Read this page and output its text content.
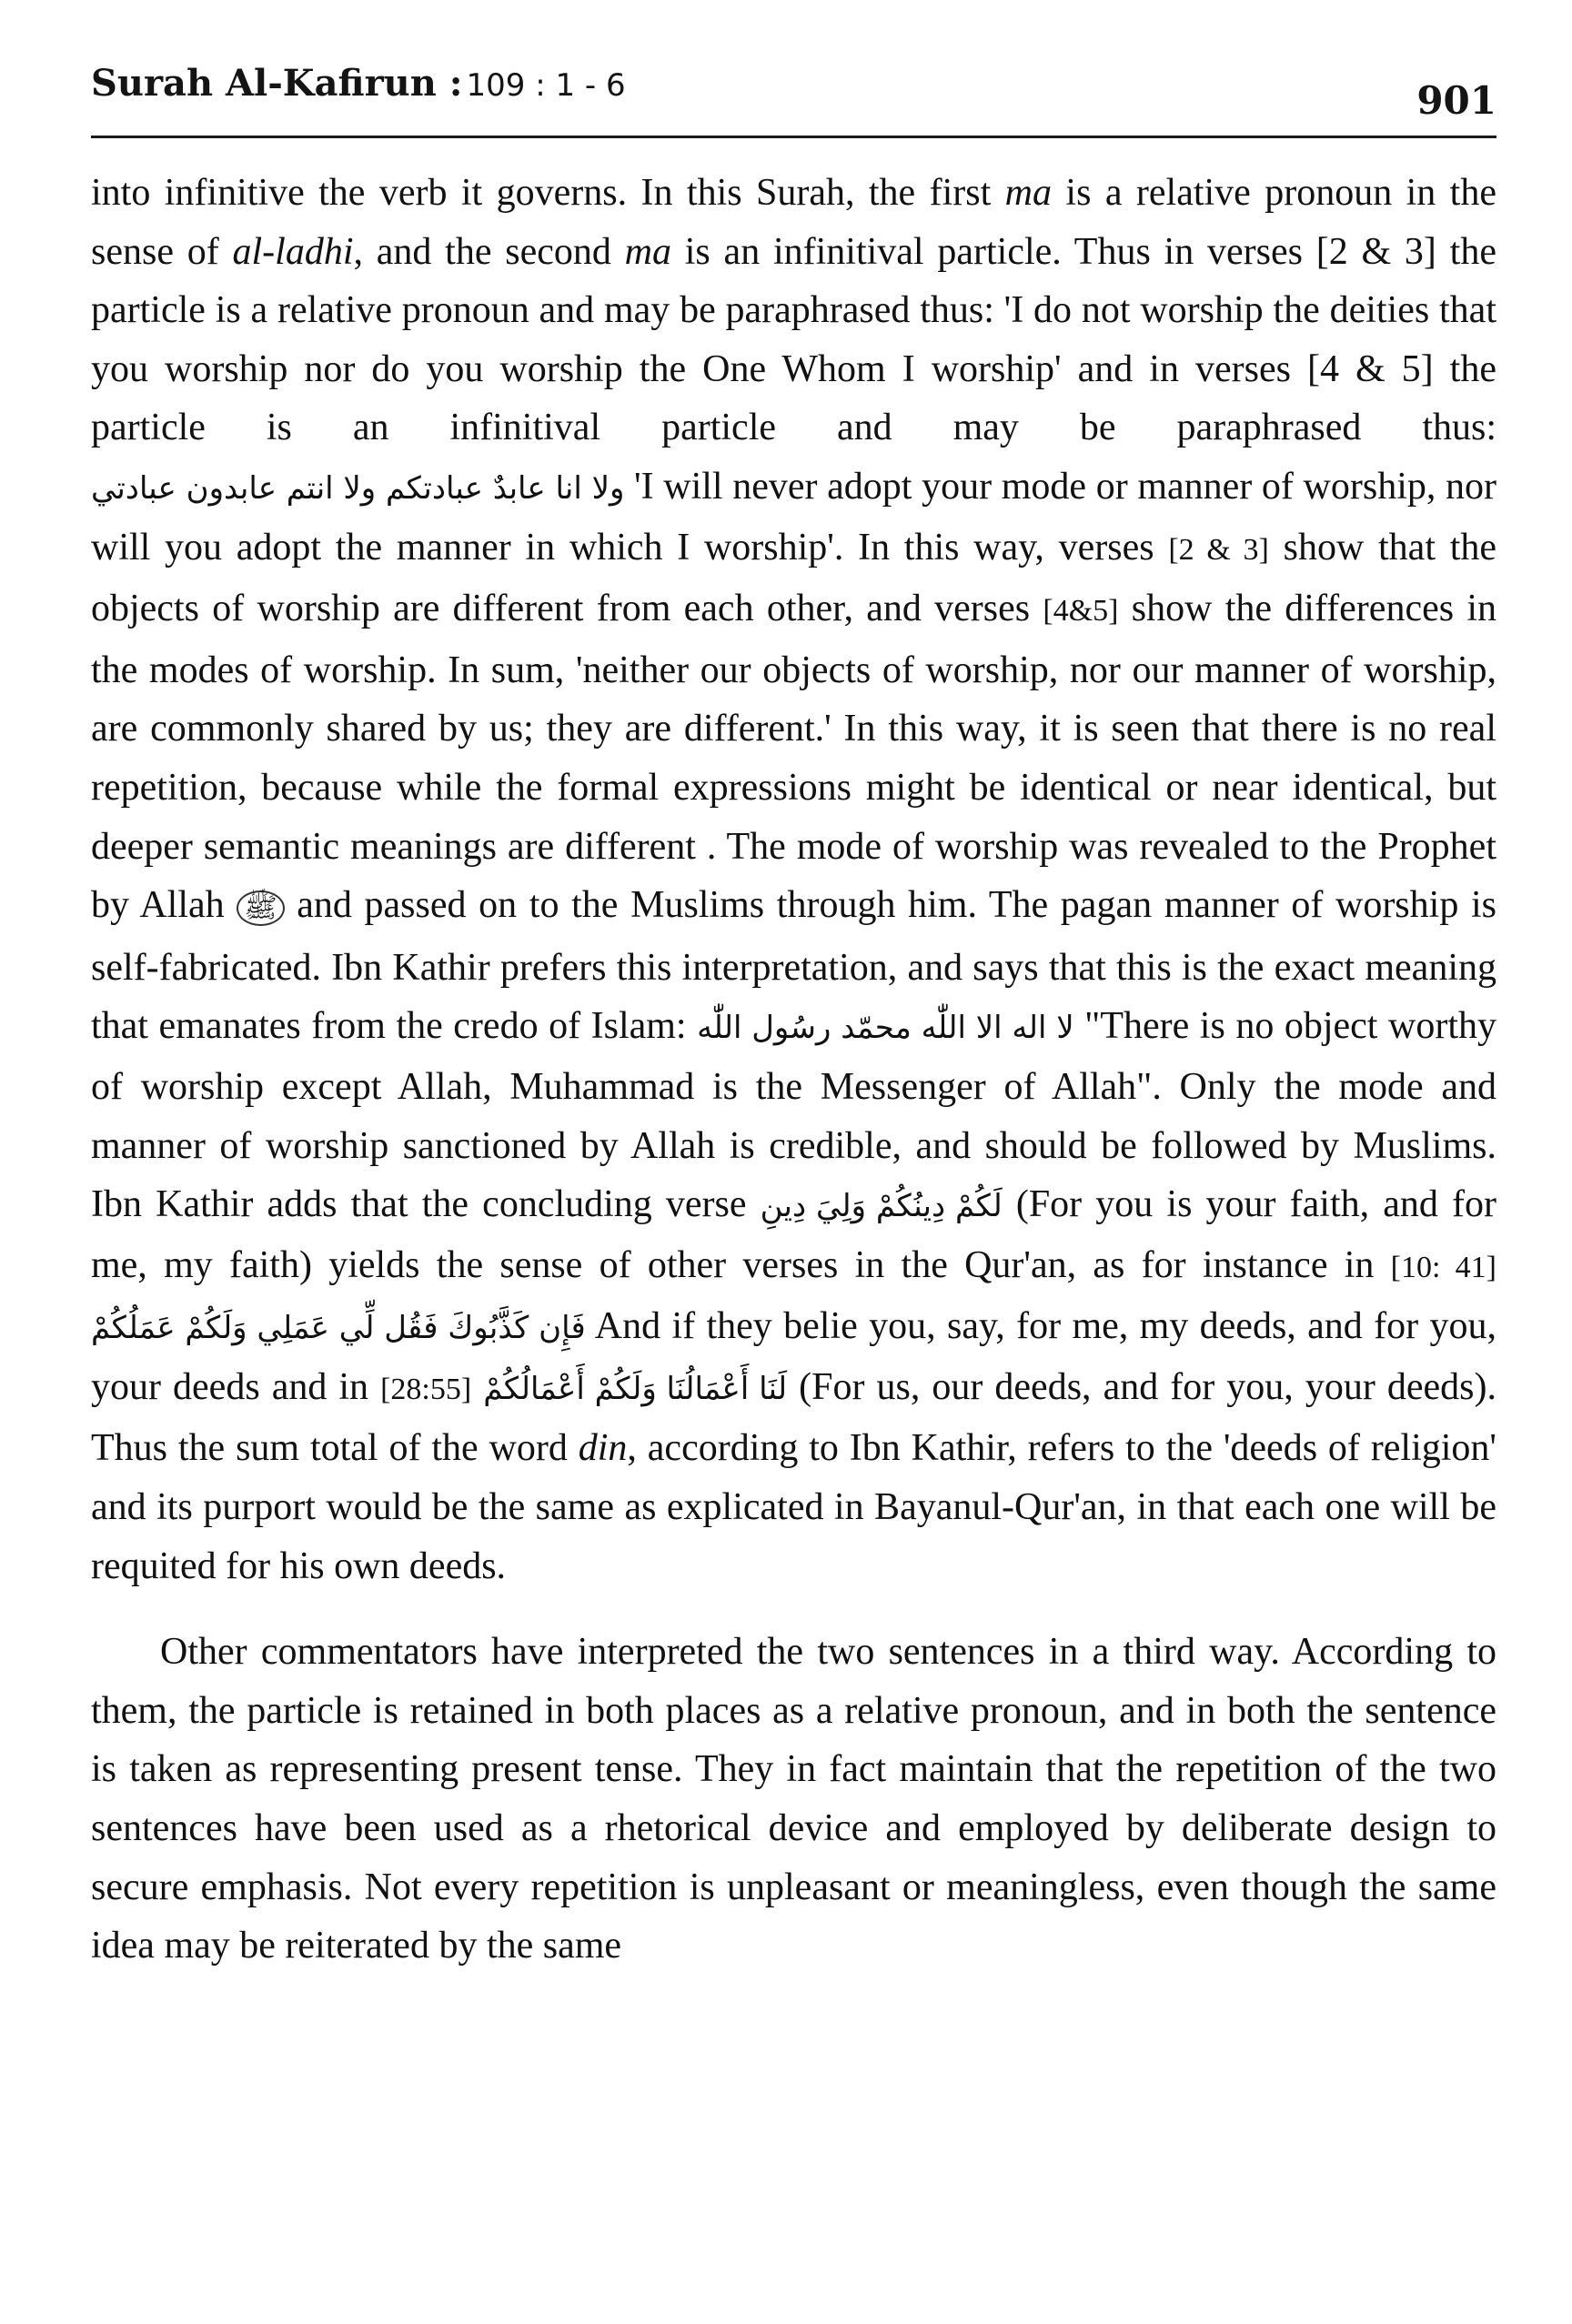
Surah Al-Kafirun : 109 : 1 - 6	901

into infinitive the verb it governs. In this Surah, the first ma is a relative pronoun in the sense of al-ladhi, and the second ma is an infinitival particle. Thus in verses [2 & 3] the particle is a relative pronoun and may be paraphrased thus: 'I do not worship the deities that you worship nor do you worship the One Whom I worship' and in verses [4 & 5] the particle is an infinitival particle and may be paraphrased thus: ولا انا عابدٌ عبادتكم ولا انتم عابدون عبادتي 'I will never adopt your mode or manner of worship, nor will you adopt the manner in which I worship'. In this way, verses [2 & 3] show that the objects of worship are different from each other, and verses [4&5] show the differences in the modes of worship. In sum, 'neither our objects of worship, nor our manner of worship, are commonly shared by us; they are different.' In this way, it is seen that there is no real repetition, because while the formal expressions might be identical or near identical, but deeper semantic meanings are different . The mode of worship was revealed to the Prophet by Allah ﷺ and passed on to the Muslims through him. The pagan manner of worship is self-fabricated. Ibn Kathir prefers this interpretation, and says that this is the exact meaning that emanates from the credo of Islam: لا اله الا اللّٰه محمّد رسُول اللّٰه "There is no object worthy of worship except Allah, Muhammad is the Messenger of Allah". Only the mode and manner of worship sanctioned by Allah is credible, and should be followed by Muslims. Ibn Kathir adds that the concluding verse لَكُمْ دِينُكُمْ وَلِيَ دِينِ (For you is your faith, and for me, my faith) yields the sense of other verses in the Qur'an, as for instance in [10: 41] فَإِن كَذَّبُوكَ فَقُل لِّي عَمَلِي وَلَكُمْ عَمَلُكُمْ And if they belie you, say, for me, my deeds, and for you, your deeds and in [28:55] لَنَا أَعْمَالُنَا وَلَكُمْ أَعْمَالُكُمْ (For us, our deeds, and for you, your deeds). Thus the sum total of the word din, according to Ibn Kathir, refers to the 'deeds of religion' and its purport would be the same as explicated in Bayanul-Qur'an, in that each one will be requited for his own deeds.

Other commentators have interpreted the two sentences in a third way. According to them, the particle is retained in both places as a relative pronoun, and in both the sentence is taken as representing present tense. They in fact maintain that the repetition of the two sentences have been used as a rhetorical device and employed by deliberate design to secure emphasis. Not every repetition is unpleasant or meaningless, even though the same idea may be reiterated by the same
